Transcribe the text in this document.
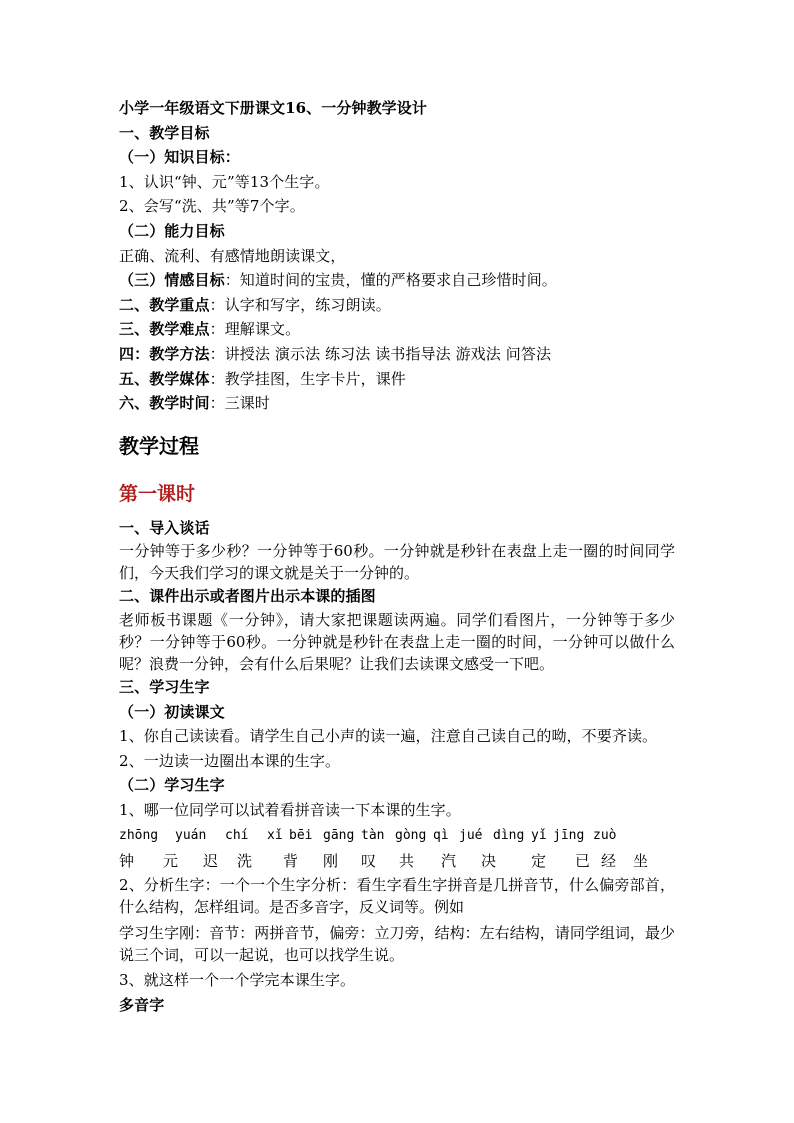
小学一年级语文下册课文16、一分钟教学设计
一、教学目标
（一）知识目标：
1、认识“钟、元”等13个生字。
2、会写“洗、共”等7个字。
（二）能力目标
正确、流利、有感情地朗读课文，
（三）情感目标：知道时间的宝贵，懂的严格要求自己珍惜时间。
二、教学重点：认字和写字，练习朗读。
三、教学难点：理解课文。
四：教学方法：讲授法 演示法 练习法 读书指导法 游戏法 问答法
五、教学媒体：教学挂图，生字卡片，课件
六、教学时间：三课时
教学过程
第一课时
一、导入谈话
一分钟等于多少秒？一分钟等于60秒。一分钟就是秒针在表盘上走一圈的时间同学们，今天我们学习的课文就是关于一分钟的。
二、课件出示或者图片出示本课的插图
老师板书课题《一分钟》，请大家把课题读两遍。同学们看图片，一分钟等于多少秒？一分钟等于60秒。一分钟就是秒针在表盘上走一圈的时间，一分钟可以做什么呢？浪费一分钟，会有什么后果呢？让我们去读课文感受一下吧。
三、学习生字
（一）初读课文
1、你自己读读看。请学生自己小声的读一遍，注意自己读自己的呦，不要齐读。
2、一边读一边圈出本课的生字。
（二）学习生字
1、哪一位同学可以试着看拼音读一下本课的生字。
zhōng	yuán	chí	xǐ bēi gāng tàn gòng qì jué dìng yǐ jīng zuò
钟	元	迟	洗	背	刚	叹	共	汽	决	定	已 经	坐
2、分析生字：一个一个生字分析：看生字看生字拼音是几拼音节，什么偏旁部首，什么结构，怎样组词。是否多音字，反义词等。例如
学习生字刚：音节：两拼音节，偏旁：立刀旁，结构：左右结构，请同学组词，最少说三个词，可以一起说，也可以找学生说。
3、就这样一个一个学完本课生字。
多音字
